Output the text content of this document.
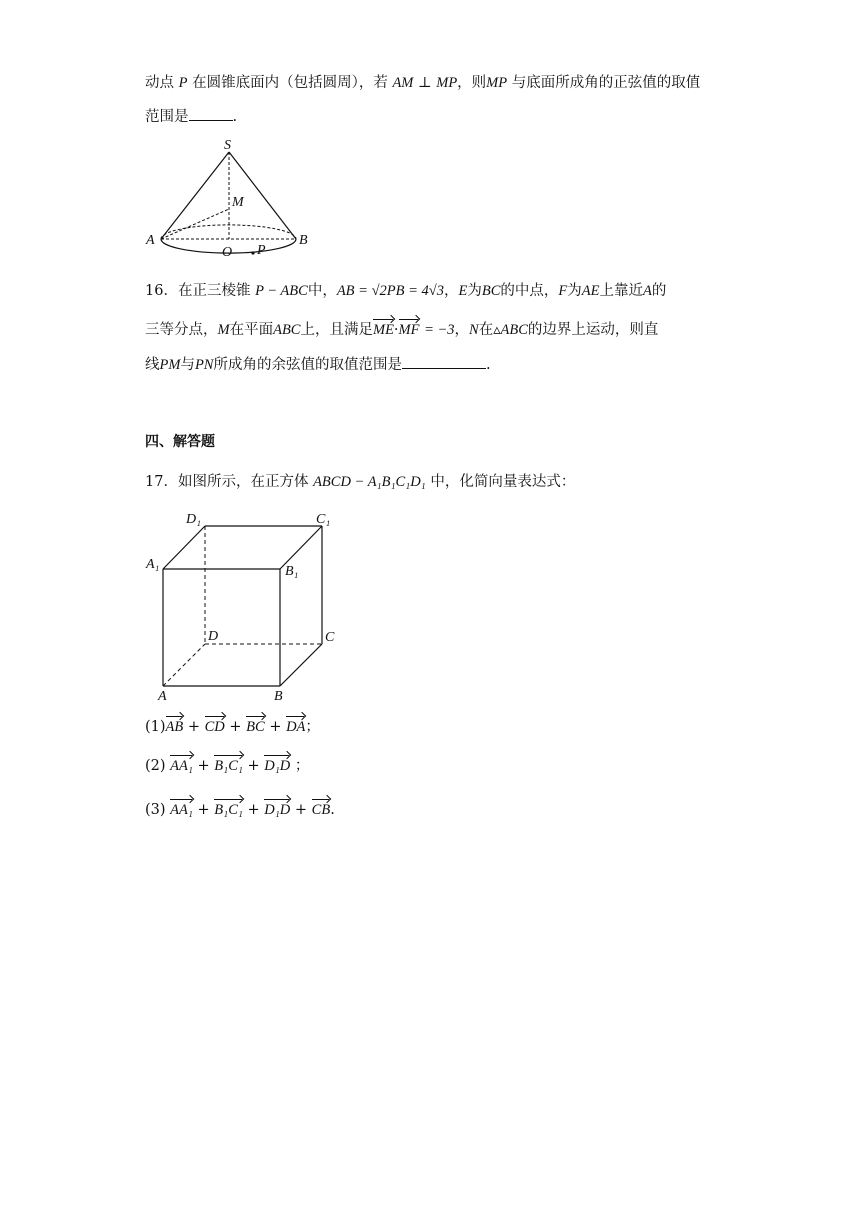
动点 P 在圆锥底面内（包括圆周），若 AM ⊥ MP，则MP 与底面所成角的正弦值的取值
范围是	.
S
M
A
O P
B
16．在正三棱锥 P − ABC中，AB = √2PB = 4√3，E为BC的中点，F为AE上靠近A的
三等分点，M在平面ABC上，且满足ME·MF = −3，N在▵ABC的边界上运动，则直
线PM与PN所成角的余弦值的取值范围是	.
四、解答题
17．如图所示，在正方体 ABCD − A₁B₁C₁D₁ 中，化简向量表达式：
D₁	C₁
A₁	B₁
D	C
A	B
(1)AB + CD + BC + DA；
(2) AA₁ + B₁C₁ + D₁D ；
(3) AA₁ + B₁C₁ + D₁D + CB.
